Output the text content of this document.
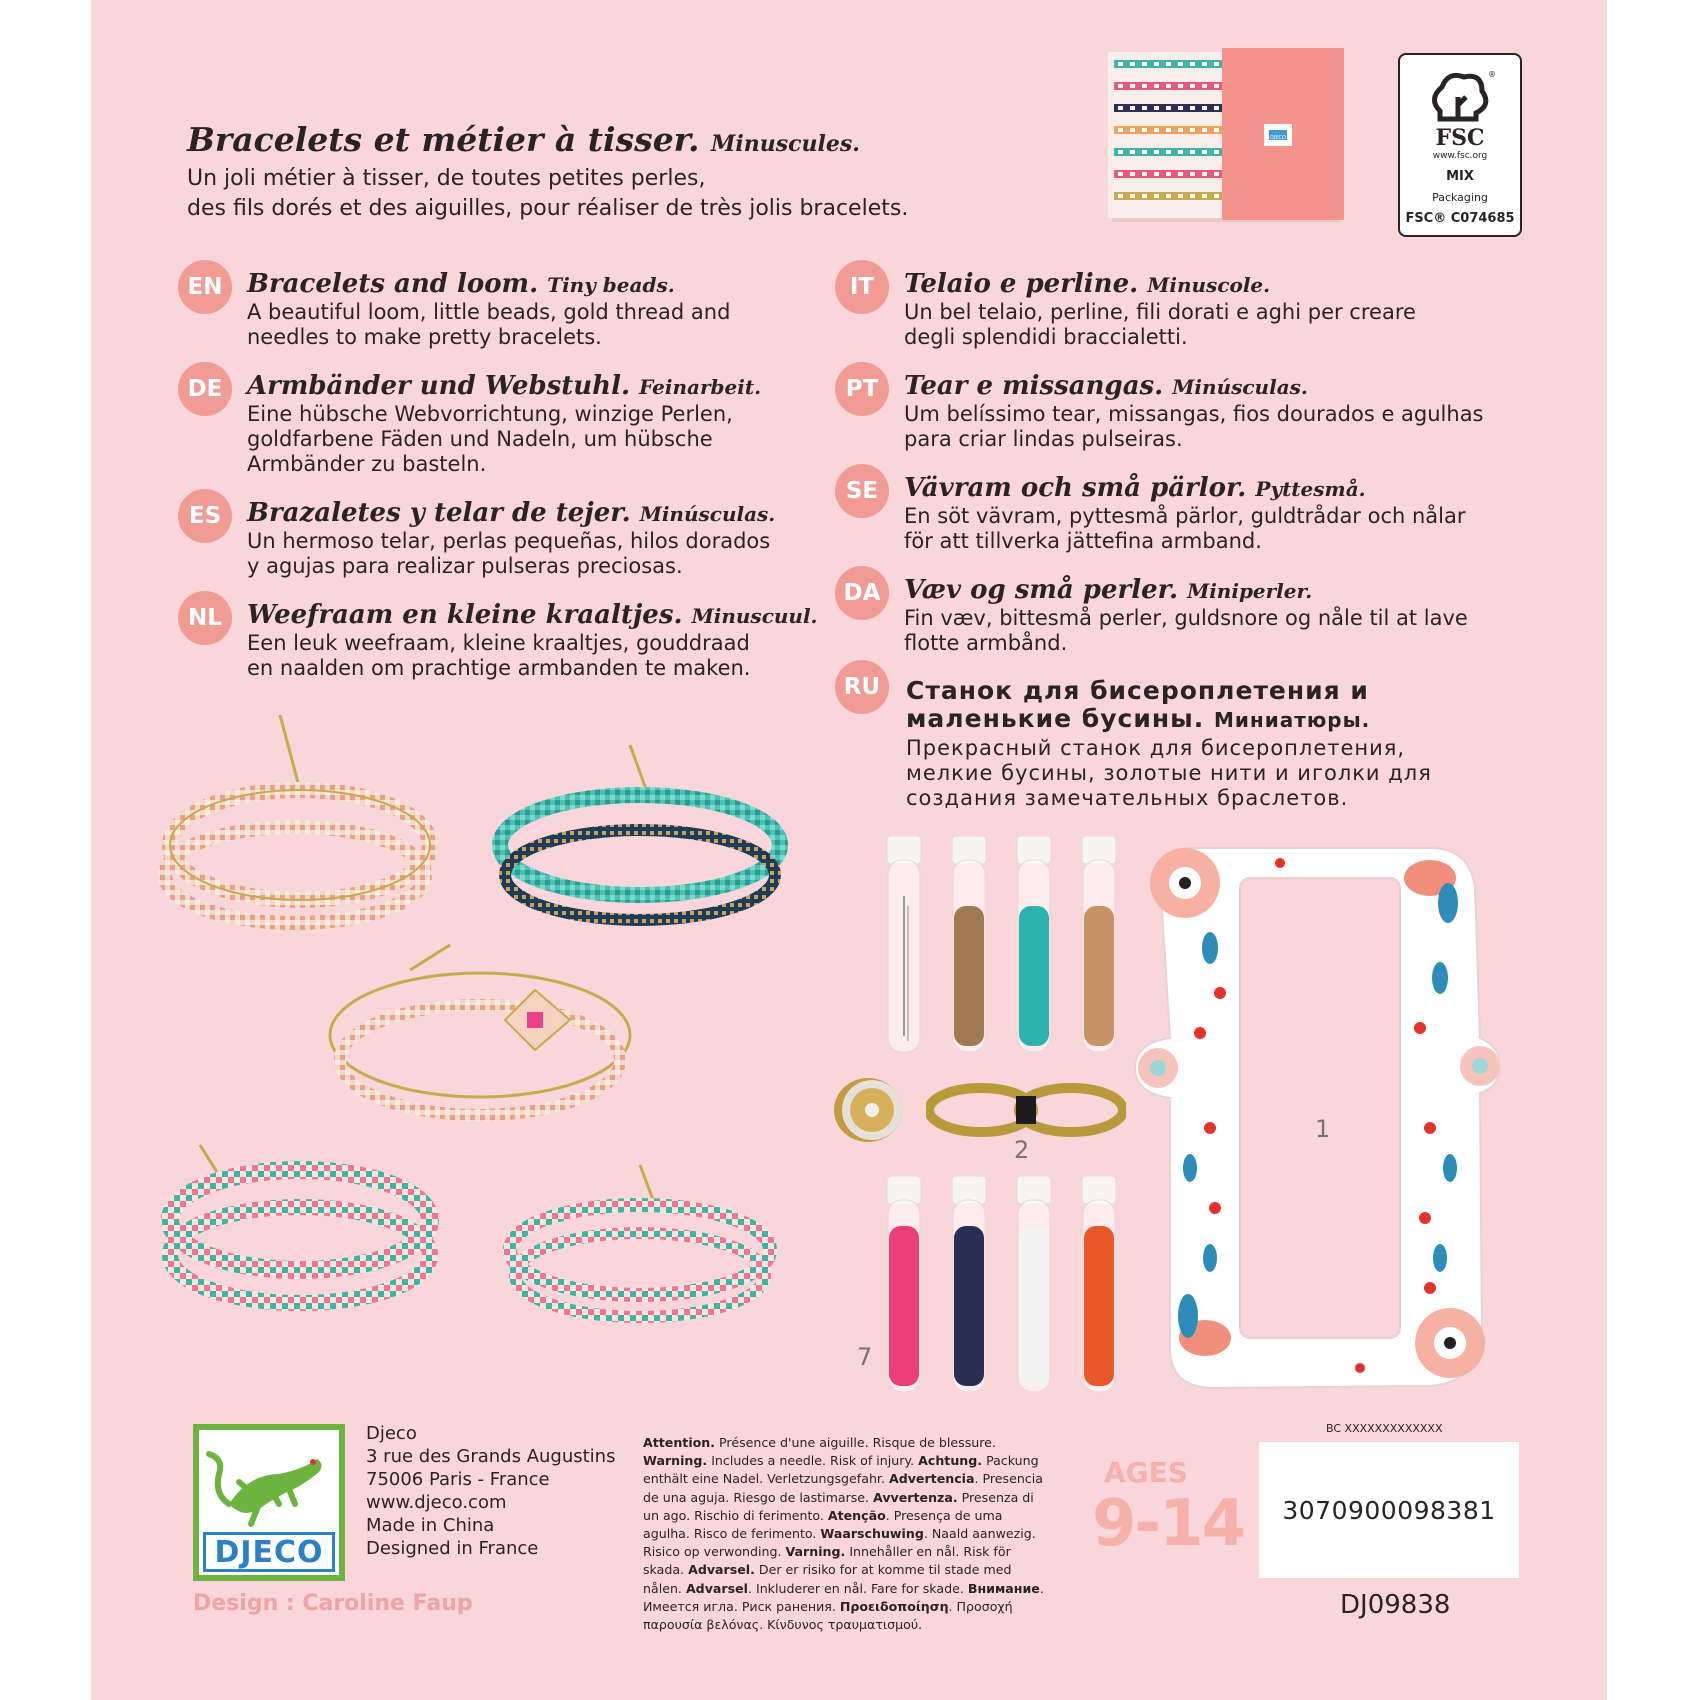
Bracelets et métier à tisser. Minuscules.
Un joli métier à tisser, de toutes petites perles,
des fils dorés et des aiguilles, pour réaliser de très jolis bracelets.
DJECO
®
FSC
www.fsc.org
MIX
Packaging
FSC® C074685
EN Bracelets and loom. Tiny beads.
A beautiful loom, little beads, gold thread and
needles to make pretty bracelets.
DE Armbänder und Webstuhl. Feinarbeit.
Eine hübsche Webvorrichtung, winzige Perlen,
goldfarbene Fäden und Nadeln, um hübsche
Armbänder zu basteln.
ES Brazaletes y telar de tejer. Minúsculas.
Un hermoso telar, perlas pequeñas, hilos dorados
y agujas para realizar pulseras preciosas.
NL Weefraam en kleine kraaltjes. Minuscuul.
Een leuk weefraam, kleine kraaltjes, gouddraad
en naalden om prachtige armbanden te maken.
IT	Telaio e perline. Minuscole.
Un bel telaio, perline, fili dorati e aghi per creare
degli splendidi braccialetti.
PT Tear e missangas. Minúsculas.
Um belíssimo tear, missangas, fios dourados e agulhas
para criar lindas pulseiras.
SE Vävram och små pärlor. Pyttesmå.
En söt vävram, pyttesmå pärlor, guldtrådar och nålar
för att tillverka jättefina armband.
DA Væv og små perler. Miniperler.
Fin væv, bittesmå perler, guldsnore og nåle til at lave
flotte armbånd.
RU	Станок для бисероплетения и
маленькие бусины. Миниатюры.
Прекрасный станок для бисероплетения,
мелкие бусины, золотые нити и иголки для
создания замечательных браслетов.
2
7
1
DJECO
Djeco
3 rue des Grands Augustins
75006 Paris - France
www.djeco.com
Made in China
Designed in France
Design : Caroline Faup
Attention. Présence d'une aiguille. Risque de blessure. Warning. Includes a needle. Risk of injury. Achtung. Packung enthält eine Nadel. Verletzungsgefahr. Advertencia. Presencia de una aguja. Riesgo de lastimarse. Avvertenza. Presenza di un ago. Rischio di ferimento. Atenção. Presença de uma agulha. Risco de ferimento. Waarschuwing. Naald aanwezig. Risico op verwonding. Varning. Innehåller en nål. Risk för skada. Advarsel. Der er risiko for at komme til stade med nålen. Advarsel. Inkluderer en nål. Fare for skade. Внимание. Имеется игла. Риск ранения. Προειδοποίηση. Προσοχή παρουσία βελόνας. Κίνδυνος τραυματισμού.
AGES
9-14
BC XXXXXXXXXXXXX
3070900098381
DJ09838
